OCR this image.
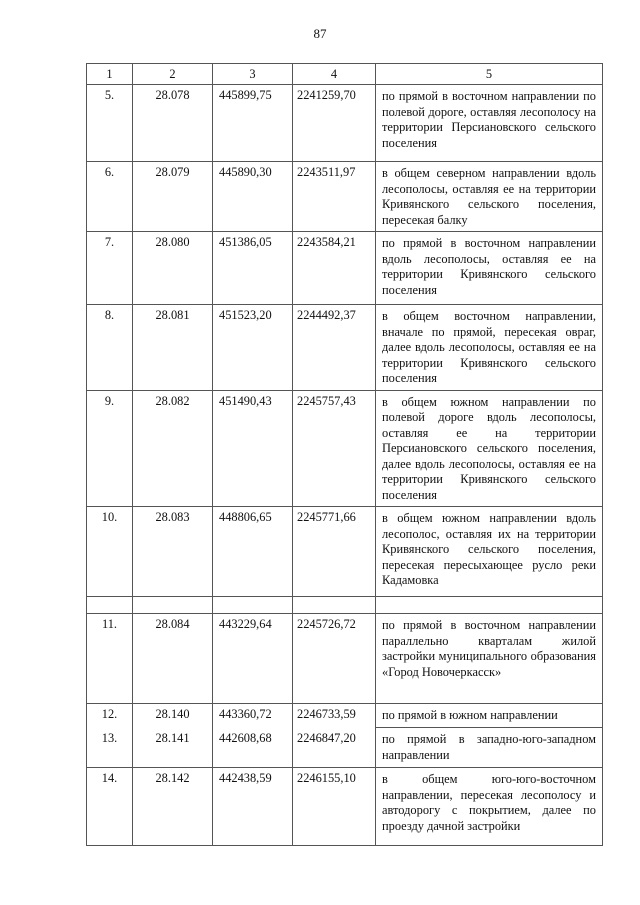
87
1	2	3	4	5
5.	28.078	445899,75	2241259,70	по прямой в восточном направлении по полевой дороге, оставляя лесополосу на территории Персиановского сельского поселения
6.	28.079	445890,30	2243511,97	в общем северном направлении вдоль лесополосы, оставляя ее на территории Кривянского сельского поселения, пересекая балку
7.	28.080	451386,05	2243584,21	по прямой в восточном направлении вдоль лесополосы, оставляя ее на территории Кривянского сельского поселения
8.	28.081	451523,20	2244492,37	в общем восточном направлении, вначале по прямой, пересекая овраг, далее вдоль лесополосы, оставляя ее на территории Кривянского сельского поселения
9.	28.082	451490,43	2245757,43	в общем южном направлении по полевой дороге вдоль лесополосы, оставляя ее на территории Персиановского сельского поселения, далее вдоль лесополосы, оставляя ее на территории Кривянского сельского поселения
10.	28.083	448806,65	2245771,66	в общем южном направлении вдоль лесополос, оставляя их на территории Кривянского сельского поселения, пересекая пересыхающее русло реки Кадамовка

11.	28.084	443229,64	2245726,72	по прямой в восточном направлении параллельно кварталам жилой застройки муниципального образования «Город Новочеркасск»
12.	28.140	443360,72	2246733,59	по прямой в южном направлении
13.	28.141	442608,68	2246847,20	по прямой в западно-юго-западном направлении
14.	28.142	442438,59	2246155,10	в общем юго-юго-восточном направлении, пересекая лесополосу и автодорогу с покрытием, далее по проезду дачной застройки
